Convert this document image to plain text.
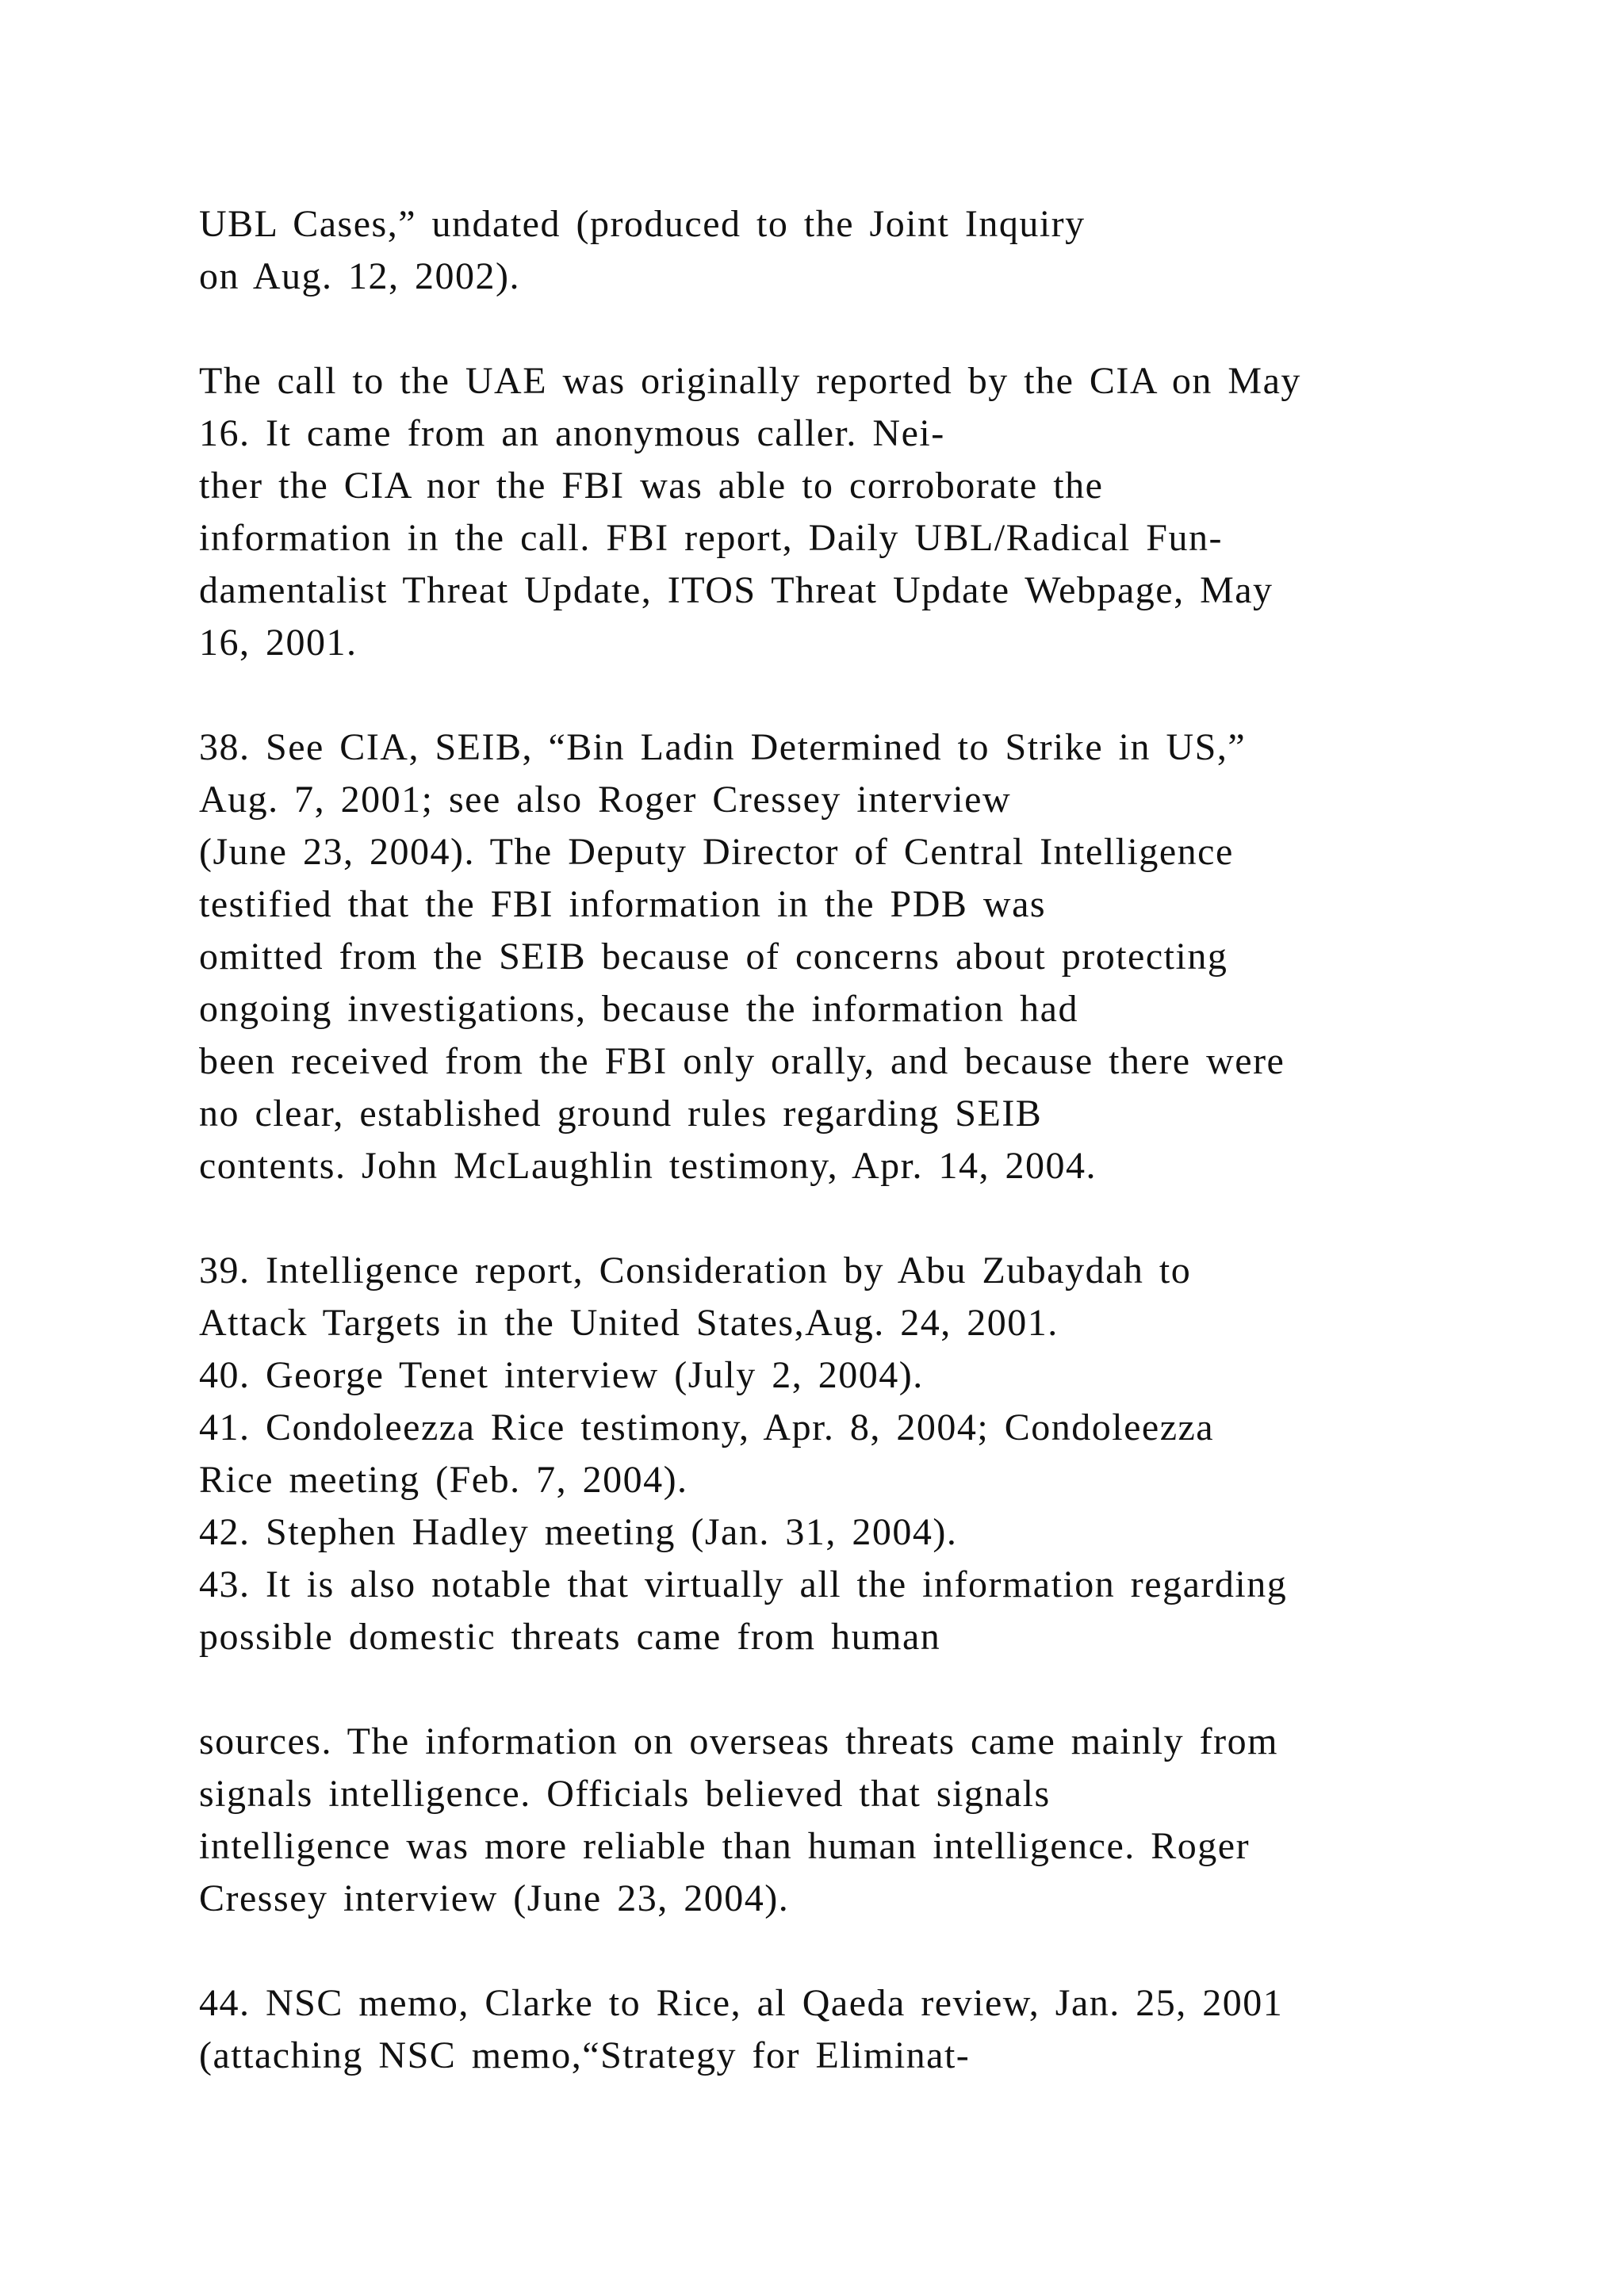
UBL Cases,” undated (produced to the Joint Inquiry
on Aug. 12, 2002).
The call to the UAE was originally reported by the CIA on May
16. It came from an anonymous caller. Nei-
ther the CIA nor the FBI was able to corroborate the
information in the call. FBI report, Daily UBL/Radical Fun-
damentalist Threat Update, ITOS Threat Update Webpage, May
16, 2001.
38. See CIA, SEIB, “Bin Ladin Determined to Strike in US,”
Aug. 7, 2001; see also Roger Cressey interview
(June 23, 2004). The Deputy Director of Central Intelligence
testified that the FBI information in the PDB was
omitted from the SEIB because of concerns about protecting
ongoing investigations, because the information had
been received from the FBI only orally, and because there were
no clear, established ground rules regarding SEIB
contents. John McLaughlin testimony, Apr. 14, 2004.
39. Intelligence report, Consideration by Abu Zubaydah to
Attack Targets in the United States,Aug. 24, 2001.
40. George Tenet interview (July 2, 2004).
41. Condoleezza Rice testimony, Apr. 8, 2004; Condoleezza
Rice meeting (Feb. 7, 2004).
42. Stephen Hadley meeting (Jan. 31, 2004).
43. It is also notable that virtually all the information regarding
possible domestic threats came from human
sources. The information on overseas threats came mainly from
signals intelligence. Officials believed that signals
intelligence was more reliable than human intelligence. Roger
Cressey interview (June 23, 2004).
44. NSC memo, Clarke to Rice, al Qaeda review, Jan. 25, 2001
(attaching NSC memo,“Strategy for Eliminat-
